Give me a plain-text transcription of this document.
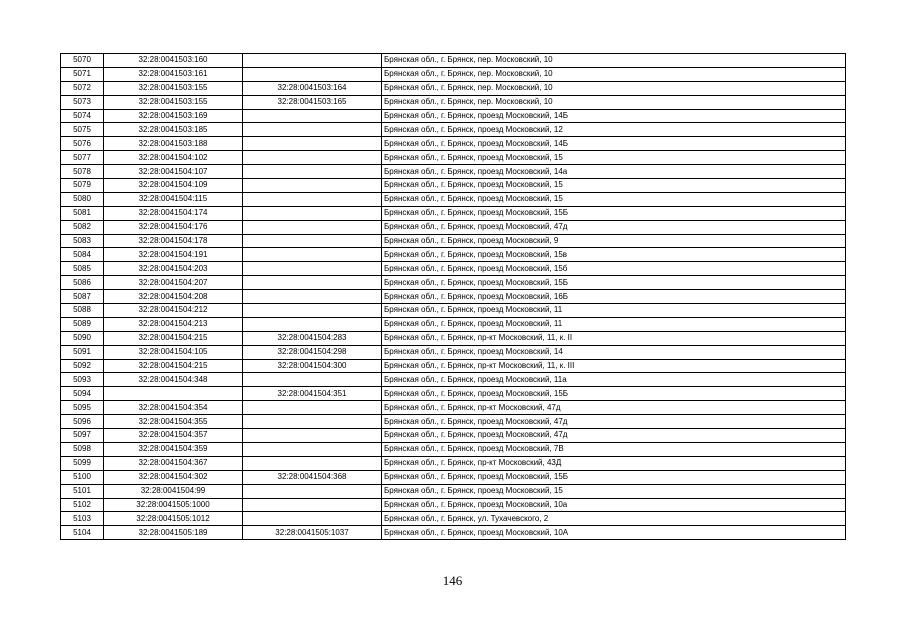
5070	32:28:0041503:160		Брянская обл., г. Брянск, пер. Московский, 10
5071	32:28:0041503:161		Брянская обл., г. Брянск, пер. Московский, 10
5072	32:28:0041503:155	32:28:0041503:164	Брянская обл., г. Брянск, пер. Московский, 10
5073	32:28:0041503:155	32:28:0041503:165	Брянская обл., г. Брянск, пер. Московский, 10
5074	32:28:0041503:169		Брянская обл., г. Брянск, проезд Московский, 14Б
5075	32:28:0041503:185		Брянская обл., г. Брянск, проезд Московский, 12
5076	32:28:0041503:188		Брянская обл., г. Брянск, проезд Московский, 14Б
5077	32:28:0041504:102		Брянская обл., г. Брянск, проезд Московский, 15
5078	32:28:0041504:107		Брянская обл., г. Брянск, проезд Московский, 14а
5079	32:28:0041504:109		Брянская обл., г. Брянск, проезд Московский, 15
5080	32:28:0041504:115		Брянская обл., г. Брянск, проезд Московский, 15
5081	32:28:0041504:174		Брянская обл., г. Брянск, проезд Московский, 15Б
5082	32:28:0041504:176		Брянская обл., г. Брянск, проезд Московский, 47д
5083	32:28:0041504:178		Брянская обл., г. Брянск, проезд Московский, 9
5084	32:28:0041504:191		Брянская обл., г. Брянск, проезд Московский, 15в
5085	32:28:0041504:203		Брянская обл., г. Брянск, проезд Московский, 15б
5086	32:28:0041504:207		Брянская обл., г. Брянск, проезд Московский, 15Б
5087	32:28:0041504:208		Брянская обл., г. Брянск, проезд Московский, 16Б
5088	32:28:0041504:212		Брянская обл., г. Брянск, проезд Московский, 11
5089	32:28:0041504:213		Брянская обл., г. Брянск, проезд Московский, 11
5090	32:28:0041504:215	32:28:0041504:283	Брянская обл., г. Брянск, пр-кт Московский, 11, к. II
5091	32:28:0041504:105	32:28:0041504:298	Брянская обл., г. Брянск, проезд Московский, 14
5092	32:28:0041504:215	32:28:0041504:300	Брянская обл., г. Брянск, пр-кт Московский, 11, к. III
5093	32:28:0041504:348		Брянская обл., г. Брянск, проезд Московский, 11а
5094		32:28:0041504:351	Брянская обл., г. Брянск, проезд Московский, 15Б
5095	32:28:0041504:354		Брянская обл., г. Брянск, пр-кт Московский, 47д
5096	32:28:0041504:355		Брянская обл., г. Брянск, проезд Московский, 47д
5097	32:28:0041504:357		Брянская обл., г. Брянск, проезд Московский, 47д
5098	32:28:0041504:359		Брянская обл., г. Брянск, проезд Московский, 7В
5099	32:28:0041504:367		Брянская обл., г. Брянск, пр-кт Московский, 43Д
5100	32:28:0041504:302	32:28:0041504:368	Брянская обл., г. Брянск, проезд Московский, 15Б
5101	32:28:0041504:99		Брянская обл., г. Брянск, проезд Московский, 15
5102	32:28:0041505:1000		Брянская обл., г. Брянск, проезд Московский, 10а
5103	32:28:0041505:1012		Брянская обл., г. Брянск, ул. Тухачевского, 2
5104	32:28:0041505:189	32:28:0041505:1037	Брянская обл., г. Брянск, проезд Московский, 10А
146
